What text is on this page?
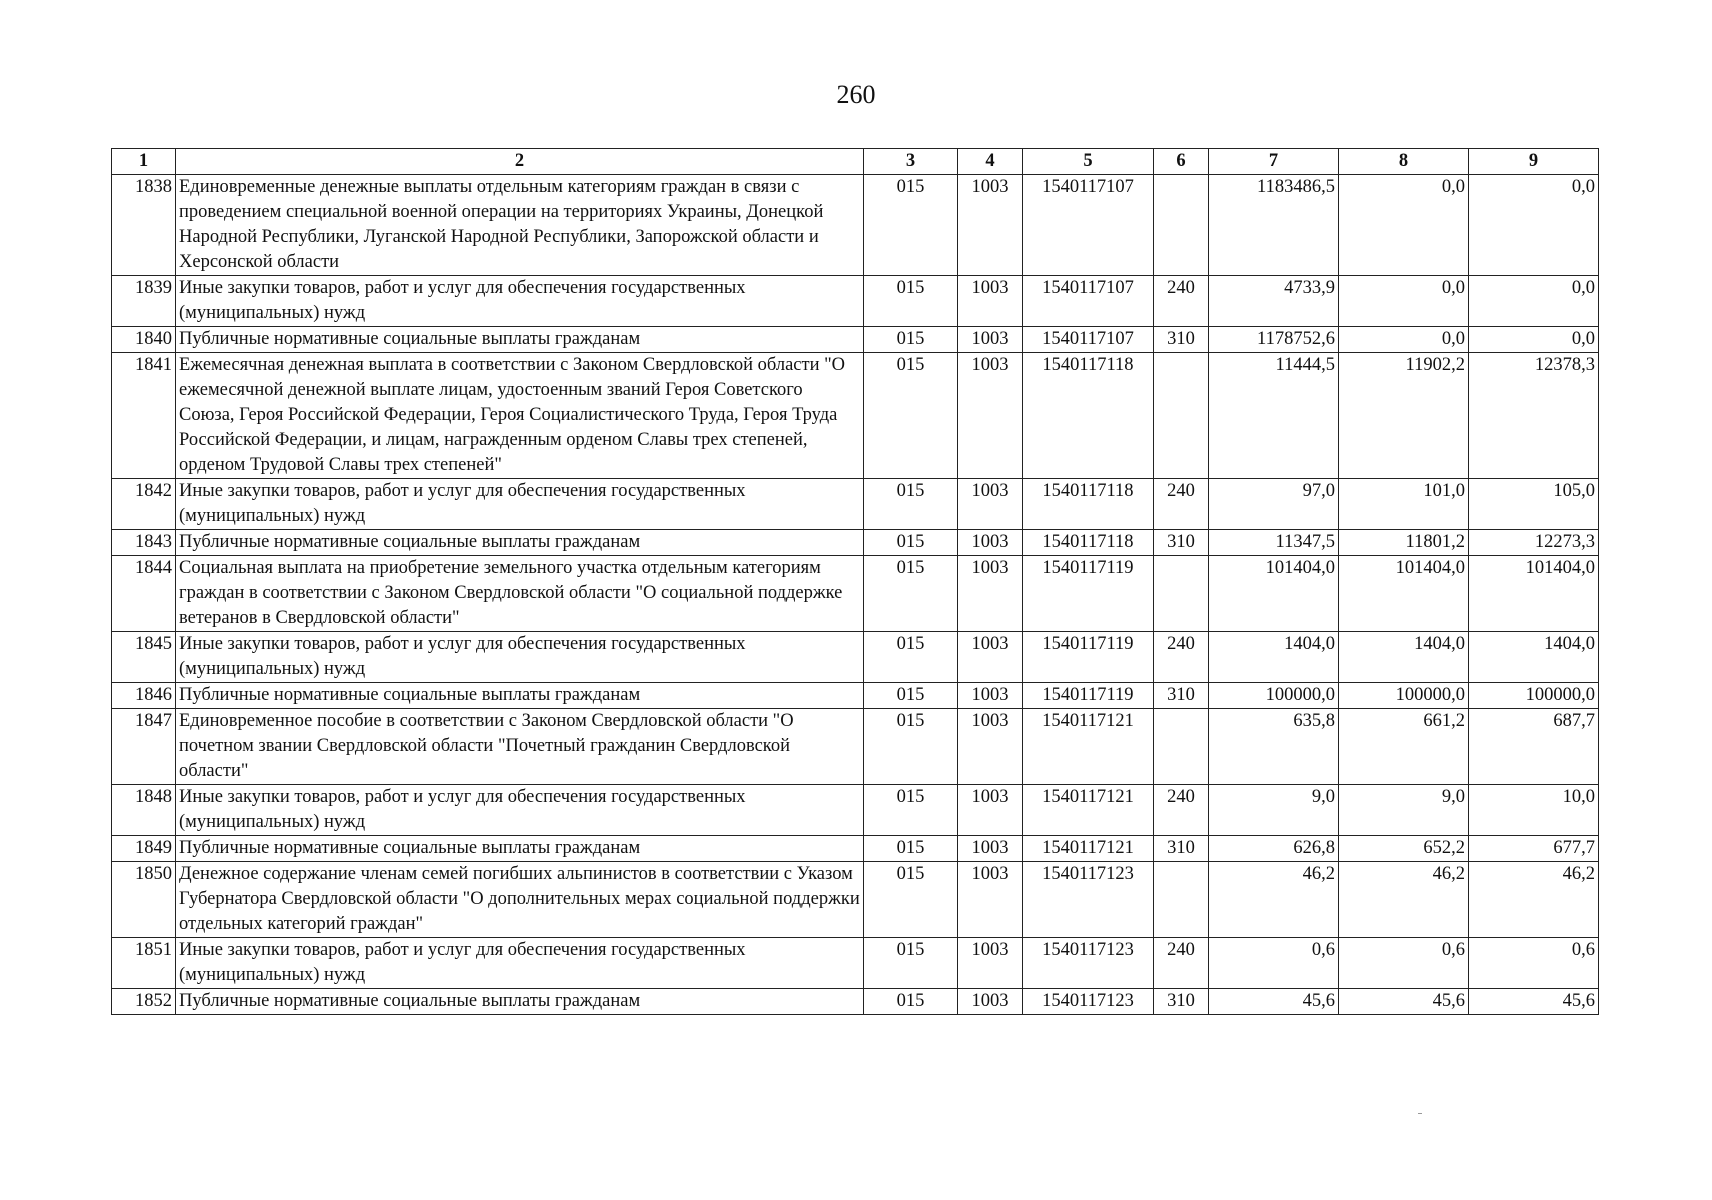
260
1	2	3	4	5	6	7	8	9
1838	Единовременные денежные выплаты отдельным категориям граждан в связи с проведением специальной военной операции на территориях Украины, Донецкой Народной Республики, Луганской Народной Республики, Запорожской области и Херсонской области	015	1003	1540117107		1183486,5	0,0	0,0
1839	Иные закупки товаров, работ и услуг для обеспечения государственных (муниципальных) нужд	015	1003	1540117107	240	4733,9	0,0	0,0
1840	Публичные нормативные социальные выплаты гражданам	015	1003	1540117107	310	1178752,6	0,0	0,0
1841	Ежемесячная денежная выплата в соответствии с Законом Свердловской области "О ежемесячной денежной выплате лицам, удостоенным званий Героя Советского Союза, Героя Российской Федерации, Героя Социалистического Труда, Героя Труда Российской Федерации, и лицам, награжденным орденом Славы трех степеней, орденом Трудовой Славы трех степеней"	015	1003	1540117118		11444,5	11902,2	12378,3
1842	Иные закупки товаров, работ и услуг для обеспечения государственных (муниципальных) нужд	015	1003	1540117118	240	97,0	101,0	105,0
1843	Публичные нормативные социальные выплаты гражданам	015	1003	1540117118	310	11347,5	11801,2	12273,3
1844	Социальная выплата на приобретение земельного участка отдельным категориям граждан в соответствии с Законом Свердловской области "О социальной поддержке ветеранов в Свердловской области"	015	1003	1540117119		101404,0	101404,0	101404,0
1845	Иные закупки товаров, работ и услуг для обеспечения государственных (муниципальных) нужд	015	1003	1540117119	240	1404,0	1404,0	1404,0
1846	Публичные нормативные социальные выплаты гражданам	015	1003	1540117119	310	100000,0	100000,0	100000,0
1847	Единовременное пособие в соответствии с Законом Свердловской области "О почетном звании Свердловской области "Почетный гражданин Свердловской области"	015	1003	1540117121		635,8	661,2	687,7
1848	Иные закупки товаров, работ и услуг для обеспечения государственных (муниципальных) нужд	015	1003	1540117121	240	9,0	9,0	10,0
1849	Публичные нормативные социальные выплаты гражданам	015	1003	1540117121	310	626,8	652,2	677,7
1850	Денежное содержание членам семей погибших альпинистов в соответствии с Указом Губернатора Свердловской области "О дополнительных мерах социальной поддержки отдельных категорий граждан"	015	1003	1540117123		46,2	46,2	46,2
1851	Иные закупки товаров, работ и услуг для обеспечения государственных (муниципальных) нужд	015	1003	1540117123	240	0,6	0,6	0,6
1852	Публичные нормативные социальные выплаты гражданам	015	1003	1540117123	310	45,6	45,6	45,6
